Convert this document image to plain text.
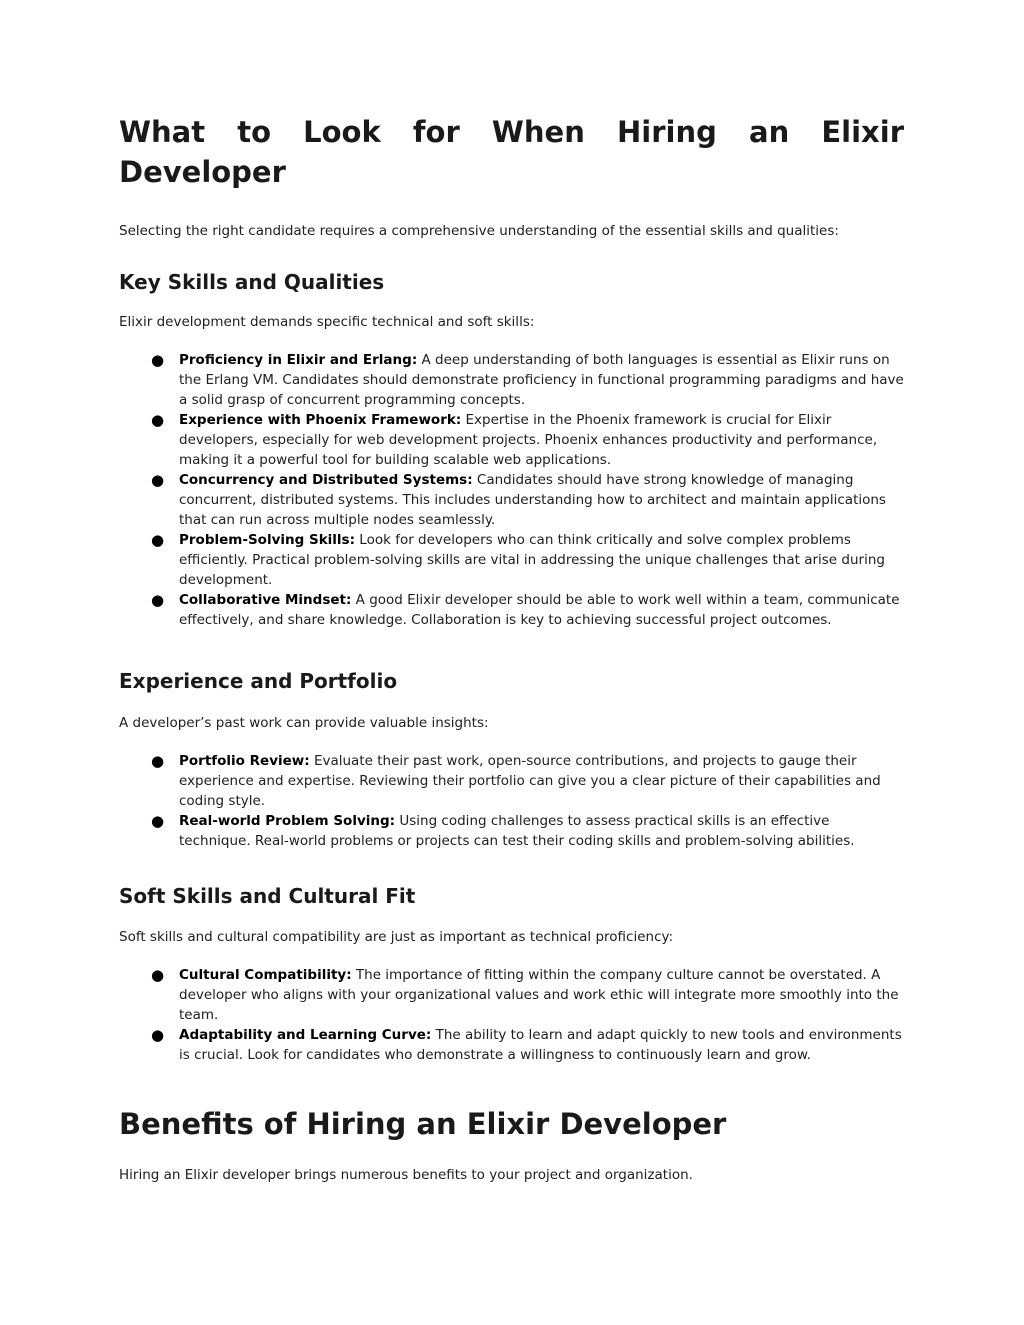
What to Look for When Hiring an Elixir Developer

Selecting the right candidate requires a comprehensive understanding of the essential skills and qualities:

Key Skills and Qualities

Elixir development demands specific technical and soft skills:

● Proficiency in Elixir and Erlang: A deep understanding of both languages is essential as Elixir runs on the Erlang VM. Candidates should demonstrate proficiency in functional programming paradigms and have a solid grasp of concurrent programming concepts.
● Experience with Phoenix Framework: Expertise in the Phoenix framework is crucial for Elixir developers, especially for web development projects. Phoenix enhances productivity and performance, making it a powerful tool for building scalable web applications.
● Concurrency and Distributed Systems: Candidates should have strong knowledge of managing concurrent, distributed systems. This includes understanding how to architect and maintain applications that can run across multiple nodes seamlessly.
● Problem-Solving Skills: Look for developers who can think critically and solve complex problems efficiently. Practical problem-solving skills are vital in addressing the unique challenges that arise during development.
● Collaborative Mindset: A good Elixir developer should be able to work well within a team, communicate effectively, and share knowledge. Collaboration is key to achieving successful project outcomes.
Experience and Portfolio

A developer’s past work can provide valuable insights:

● Portfolio Review: Evaluate their past work, open-source contributions, and projects to gauge their experience and expertise. Reviewing their portfolio can give you a clear picture of their capabilities and coding style.
● Real-world Problem Solving: Using coding challenges to assess practical skills is an effective technique. Real-world problems or projects can test their coding skills and problem-solving abilities.
Soft Skills and Cultural Fit

Soft skills and cultural compatibility are just as important as technical proficiency:

● Cultural Compatibility: The importance of fitting within the company culture cannot be overstated. A developer who aligns with your organizational values and work ethic will integrate more smoothly into the team.
● Adaptability and Learning Curve: The ability to learn and adapt quickly to new tools and environments is crucial. Look for candidates who demonstrate a willingness to continuously learn and grow.
Benefits of Hiring an Elixir Developer

Hiring an Elixir developer brings numerous benefits to your project and organization.
